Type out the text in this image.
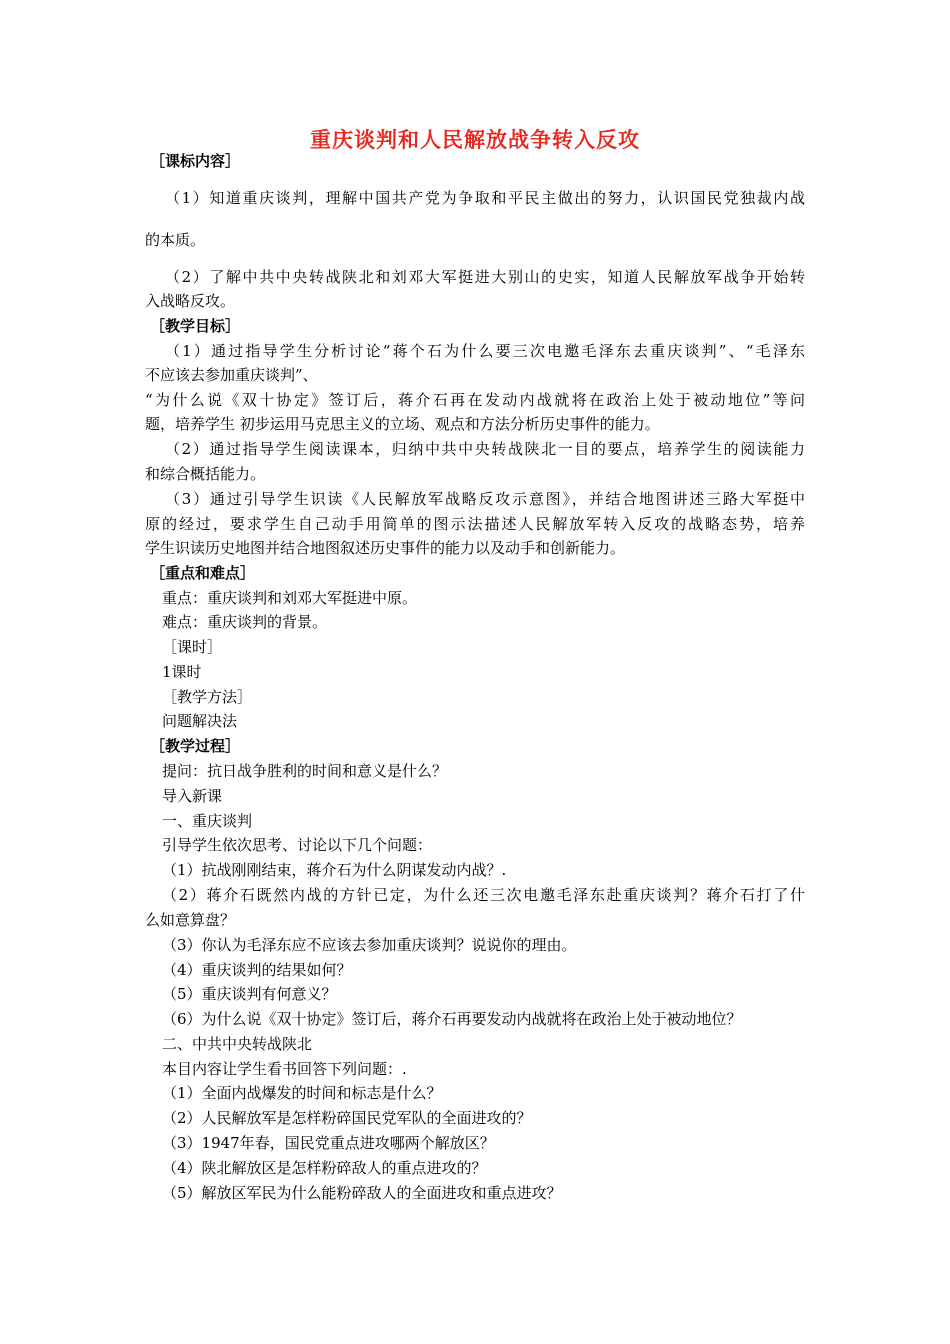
重庆谈判和人民解放战争转入反攻
［课标内容］
（1）知道重庆谈判，理解中国共产党为争取和平民主做出的努力，认识国民党独裁内战
的本质。
（2）了解中共中央转战陕北和刘邓大军挺进大别山的史实，知道人民解放军战争开始转
入战略反攻。
［教学目标］
（1）通过指导学生分析讨论“蒋个石为什么要三次电邀毛泽东去重庆谈判”、“毛泽东
不应该去参加重庆谈判”、
“为什么说《双十协定》签订后，蒋介石再在发动内战就将在政治上处于被动地位”等问
题，培养学生 初步运用马克思主义的立场、观点和方法分析历史事件的能力。
（2）通过指导学生阅读课本，归纳中共中央转战陕北一目的要点，培养学生的阅读能力
和综合概括能力。
（3）通过引导学生识读《人民解放军战略反攻示意图》，并结合地图讲述三路大军挺中
原的经过，要求学生自己动手用简单的图示法描述人民解放军转入反攻的战略态势，培养
学生识读历史地图并结合地图叙述历史事件的能力以及动手和创新能力。
［重点和难点］
重点：重庆谈判和刘邓大军挺进中原。
难点：重庆谈判的背景。
［课时］
1课时
［教学方法］
问题解决法
［教学过程］
提问：抗日战争胜利的时间和意义是什么？
导入新课
一、重庆谈判
引导学生依次思考、讨论以下几个问题：
（1）抗战刚刚结束，蒋介石为什么阴谋发动内战？.
（2）蒋介石既然内战的方针已定，为什么还三次电邀毛泽东赴重庆谈判？蒋介石打了什
么如意算盘？
（3）你认为毛泽东应不应该去参加重庆谈判？说说你的理由。
（4）重庆谈判的结果如何？
（5）重庆谈判有何意义？
（6）为什么说《双十协定》签订后，蒋介石再要发动内战就将在政治上处于被动地位？
二、中共中央转战陕北
本目内容让学生看书回答下列问题：.
（1）全面内战爆发的时间和标志是什么？
（2）人民解放军是怎样粉碎国民党军队的全面进攻的？
（3）1947年春，国民党重点进攻哪两个解放区？
（4）陕北解放区是怎样粉碎敌人的重点进攻的？
（5）解放区军民为什么能粉碎敌人的全面进攻和重点进攻？
